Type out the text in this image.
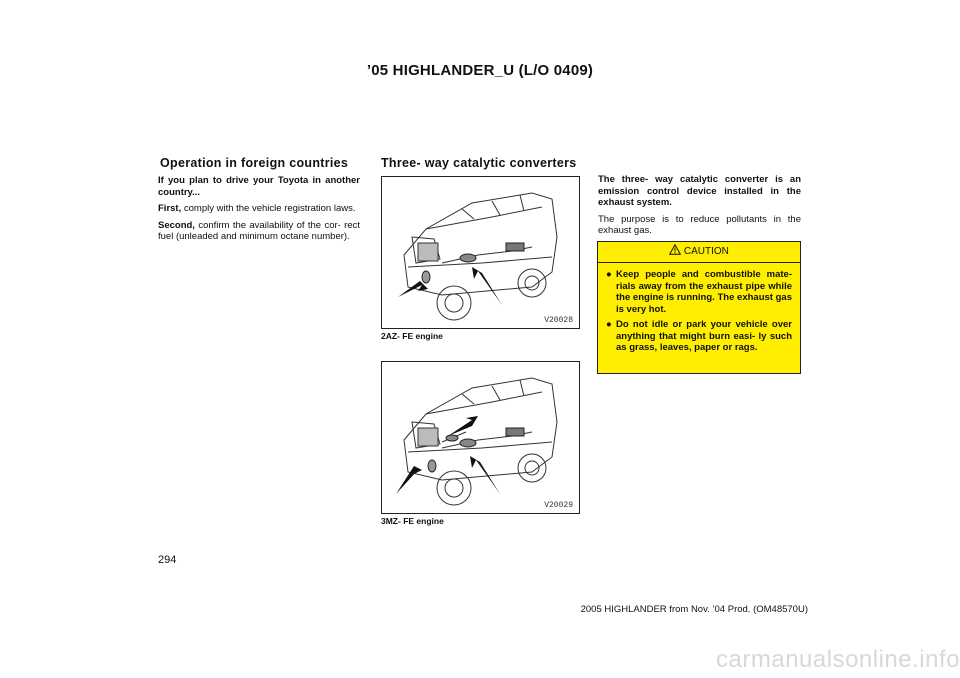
’05 HIGHLANDER_U (L/O 0409)
Operation in foreign countries

If you plan to drive your Toyota in another country...

First, comply with the vehicle registration laws.

Second, confirm the availability of the cor- rect fuel (unleaded and minimum octane number).

Three- way catalytic converters
V20028
2AZ- FE engine
V20029
3MZ- FE engine

The three- way catalytic converter is an emission control device installed in the exhaust system.

The purpose is to reduce pollutants in the exhaust gas.

CAUTION
● Keep people and combustible mate- rials away from the exhaust pipe while the engine is running. The exhaust gas is very hot.
● Do not idle or park your vehicle over anything that might burn easi- ly such as grass, leaves, paper or rags.
294
2005 HIGHLANDER from Nov. ’04 Prod. (OM48570U)
carmanualsonline.info
